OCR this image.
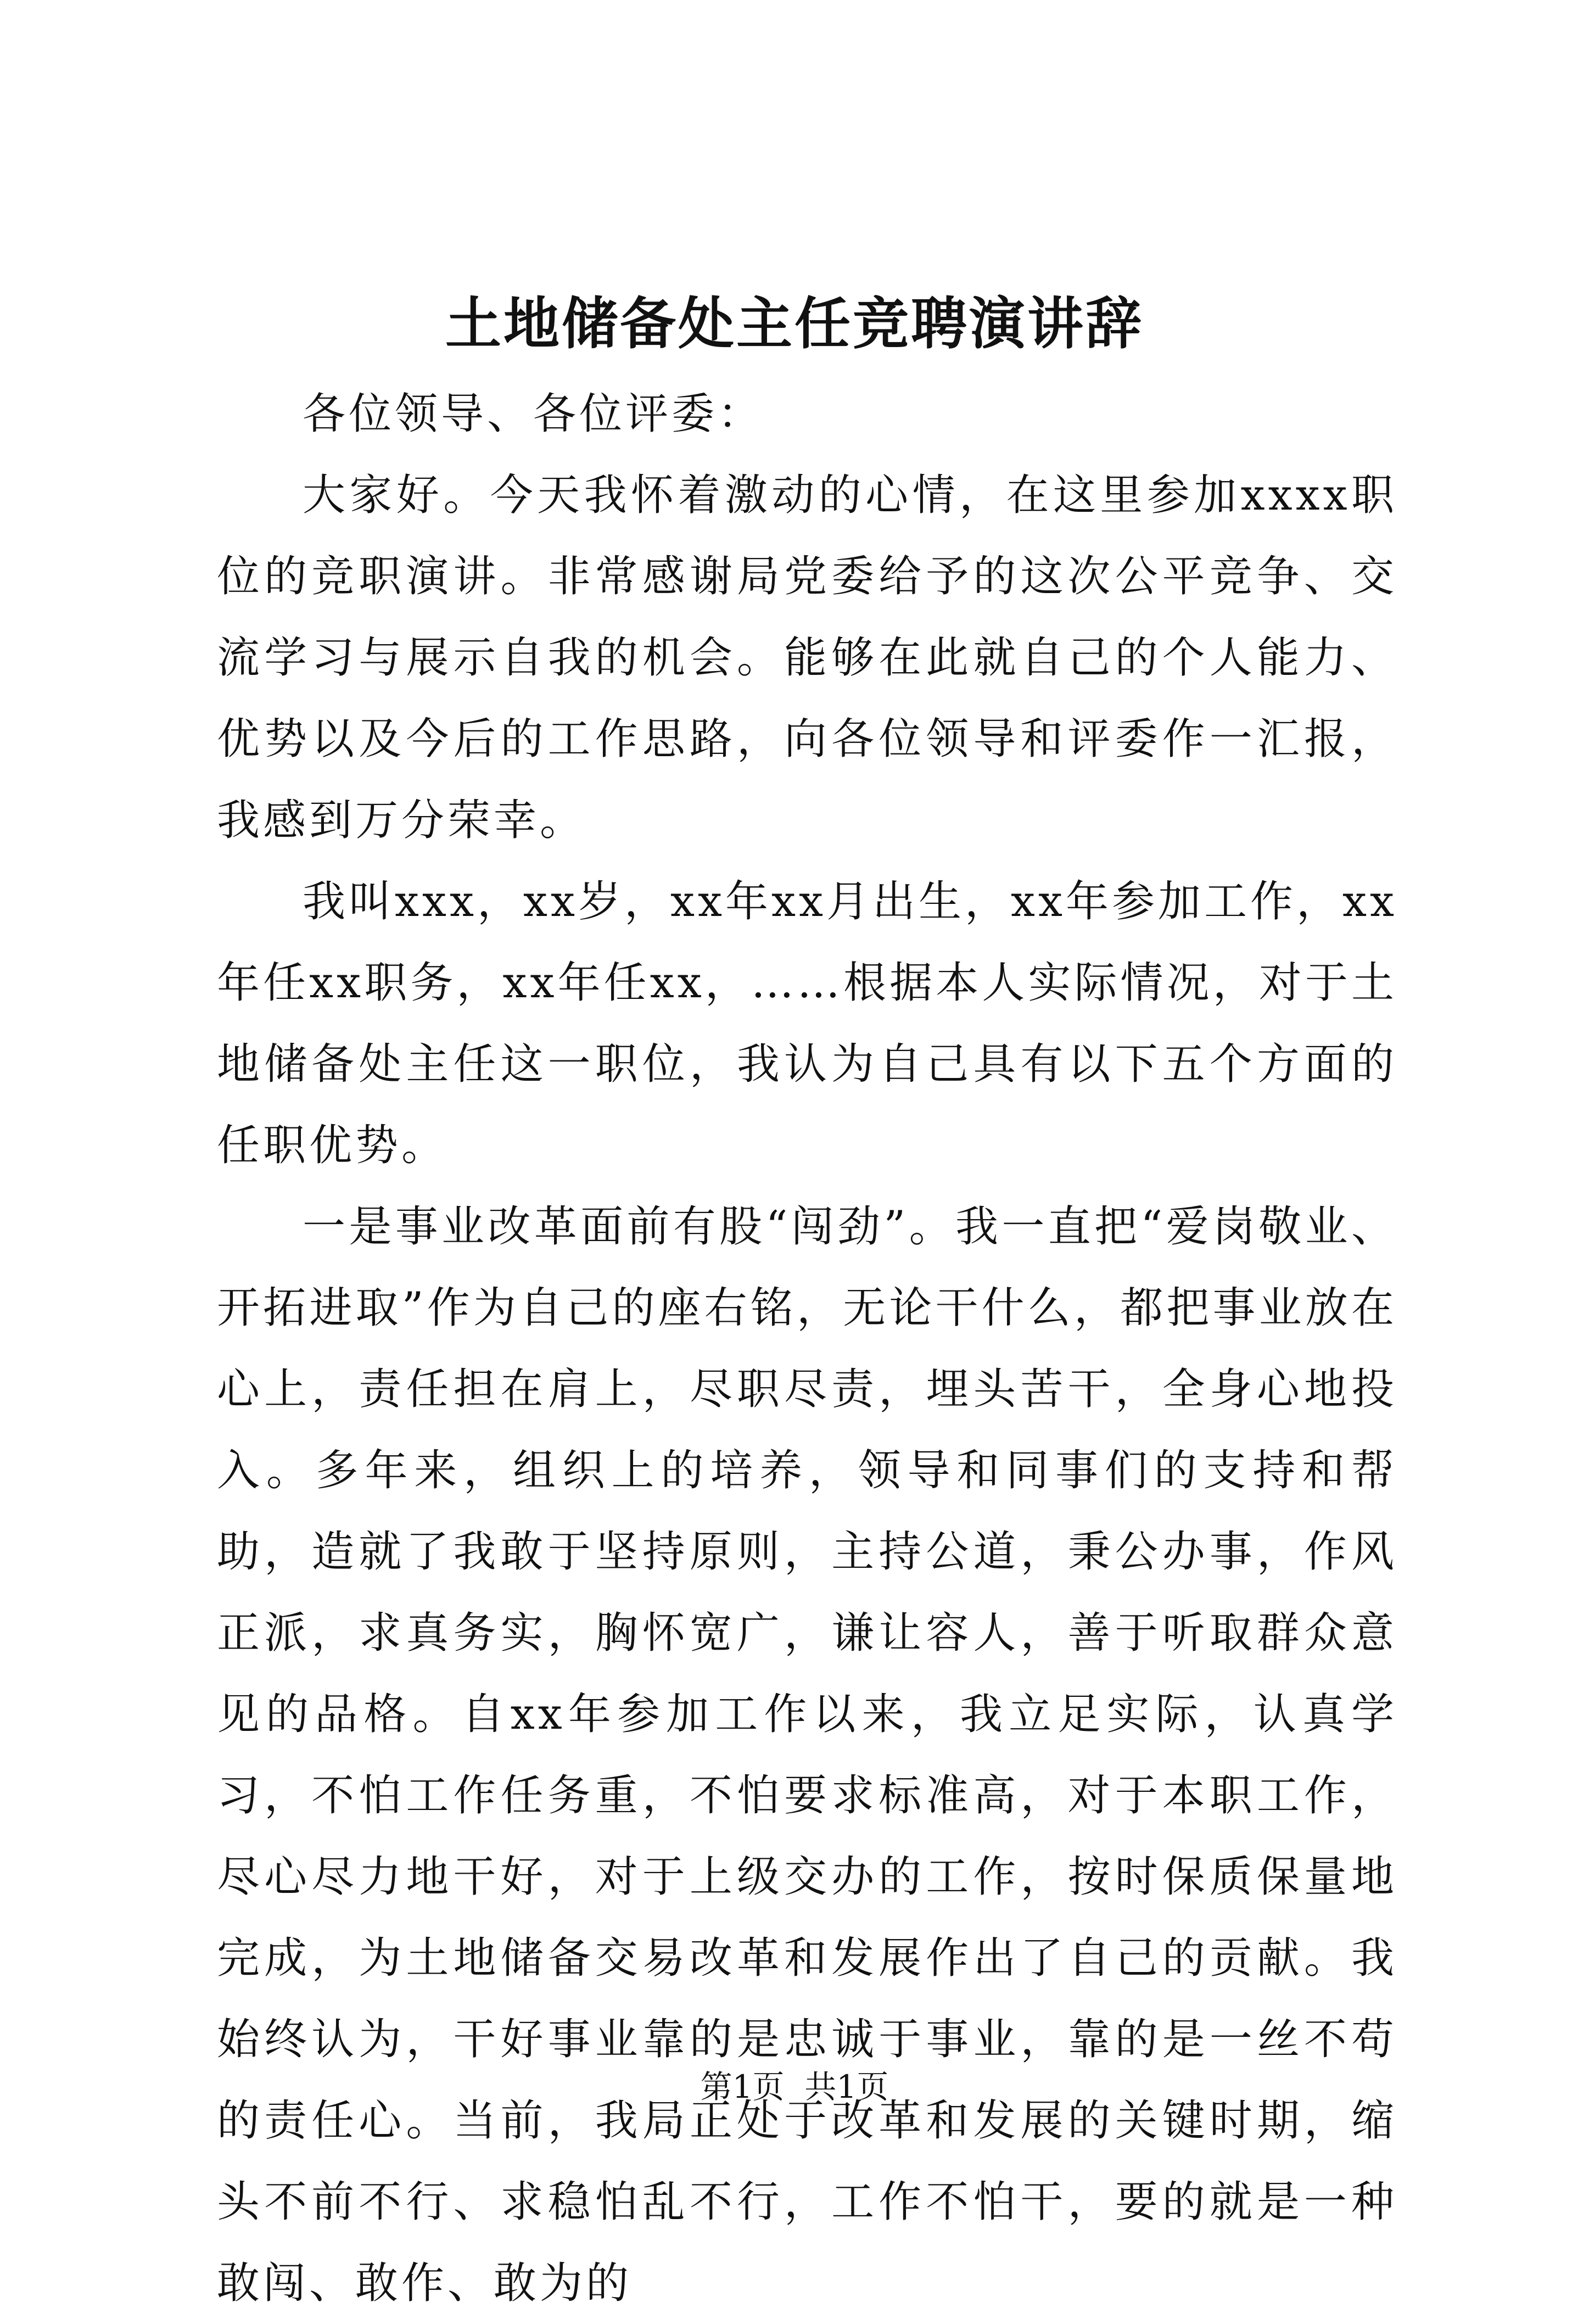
土地储备处主任竞聘演讲辞

各位领导、各位评委：

大家好。今天我怀着激动的心情，在这里参加xxxx职位的竞职演讲。非常感谢局党委给予的这次公平竞争、交流学习与展示自我的机会。能够在此就自己的个人能力、优势以及今后的工作思路，向各位领导和评委作一汇报，我感到万分荣幸。

我叫xxx，xx岁，xx年xx月出生，xx年参加工作，xx年任xx职务，xx年任xx，……根据本人实际情况，对于土地储备处主任这一职位，我认为自己具有以下五个方面的任职优势。

一是事业改革面前有股“闯劲”。我一直把“爱岗敬业、开拓进取”作为自己的座右铭，无论干什么，都把事业放在心上，责任担在肩上，尽职尽责，埋头苦干，全身心地投入。多年来，组织上的培养，领导和同事们的支持和帮助，造就了我敢于坚持原则，主持公道，秉公办事，作风正派，求真务实，胸怀宽广，谦让容人，善于听取群众意见的品格。自xx年参加工作以来，我立足实际，认真学习，不怕工作任务重，不怕要求标准高，对于本职工作，尽心尽力地干好，对于上级交办的工作，按时保质保量地完成，为土地储备交易改革和发展作出了自己的贡献。我始终认为，干好事业靠的是忠诚于事业，靠的是一丝不苟的责任心。当前，我局正处于改革和发展的关键时期，缩头不前不行、求稳怕乱不行，工作不怕干，要的就是一种敢闯、敢作、敢为的

第1页  共1页
